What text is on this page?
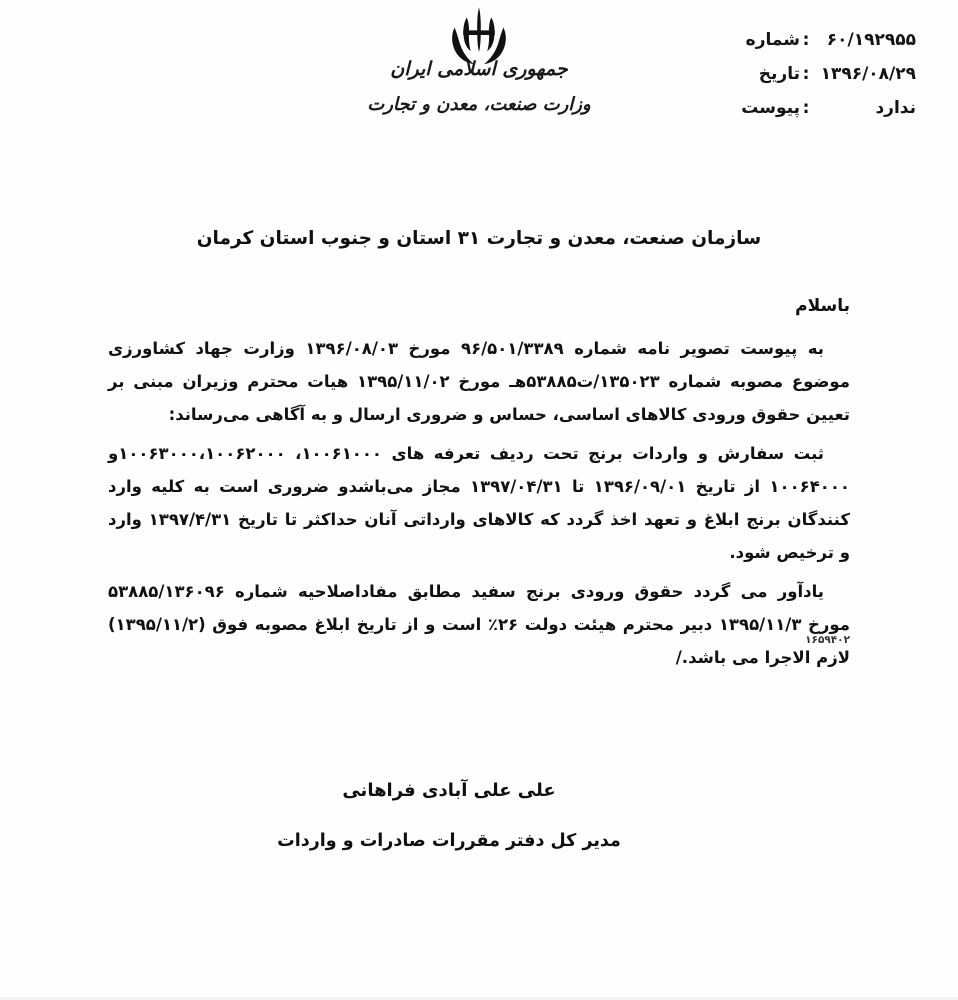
جمهوری اسلامی ایران
وزارت صنعت، معدن و تجارت
۶۰/۱۹۲۹۵۵
:
شماره
۱۳۹۶/۰۸/۲۹
:
تاریخ
ندارد
:
پیوست
سازمان صنعت، معدن و تجارت ۳۱ استان و جنوب استان کرمان
باسلام

به پیوست تصویر نامه شماره ۹۶/۵۰۱/۳۳۸۹ مورخ ۱۳۹۶/۰۸/۰۳ وزارت جهاد کشاورزی موضوع مصوبه شماره ۱۳۵۰۲۳/ت۵۳۸۸۵هـ مورخ ۱۳۹۵/۱۱/۰۲ هیات محترم وزیران مبنی بر تعیین حقوق ورودی کالاهای اساسی، حساس و ضروری ارسال و به آگاهی می‌رساند:

ثبت سفارش و واردات برنج تحت ردیف تعرفه های ۱۰۰۶۱۰۰۰، ۱۰۰۶۳۰۰۰،۱۰۰۶۲۰۰۰و ۱۰۰۶۴۰۰۰ از تاریخ ۱۳۹۶/۰۹/۰۱ تا ۱۳۹۷/۰۴/۳۱ مجاز می‌باشدو ضروری است به کلیه وارد کنندگان برنج ابلاغ و تعهد اخذ گردد که کالاهای وارداتی آنان حداکثر تا تاریخ ۱۳۹۷/۴/۳۱ وارد و ترخیص شود.

یادآور می گردد حقوق ورودی برنج سفید مطابق مفاداصلاحیه شماره ۵۳۸۸۵/۱۳۶۰۹۶ مورخ ۱۳۹۵/۱۱/۳ دبیر محترم هیئت دولت ۲۶٪ است و از تاریخ ابلاغ مصوبه فوق (۱۳۹۵/۱۱/۲) لازم الاجرا می باشد./

۱۶۵۹۴۰۲
علی علی آبادی فراهانی
مدیر کل دفتر مقررات صادرات و واردات
